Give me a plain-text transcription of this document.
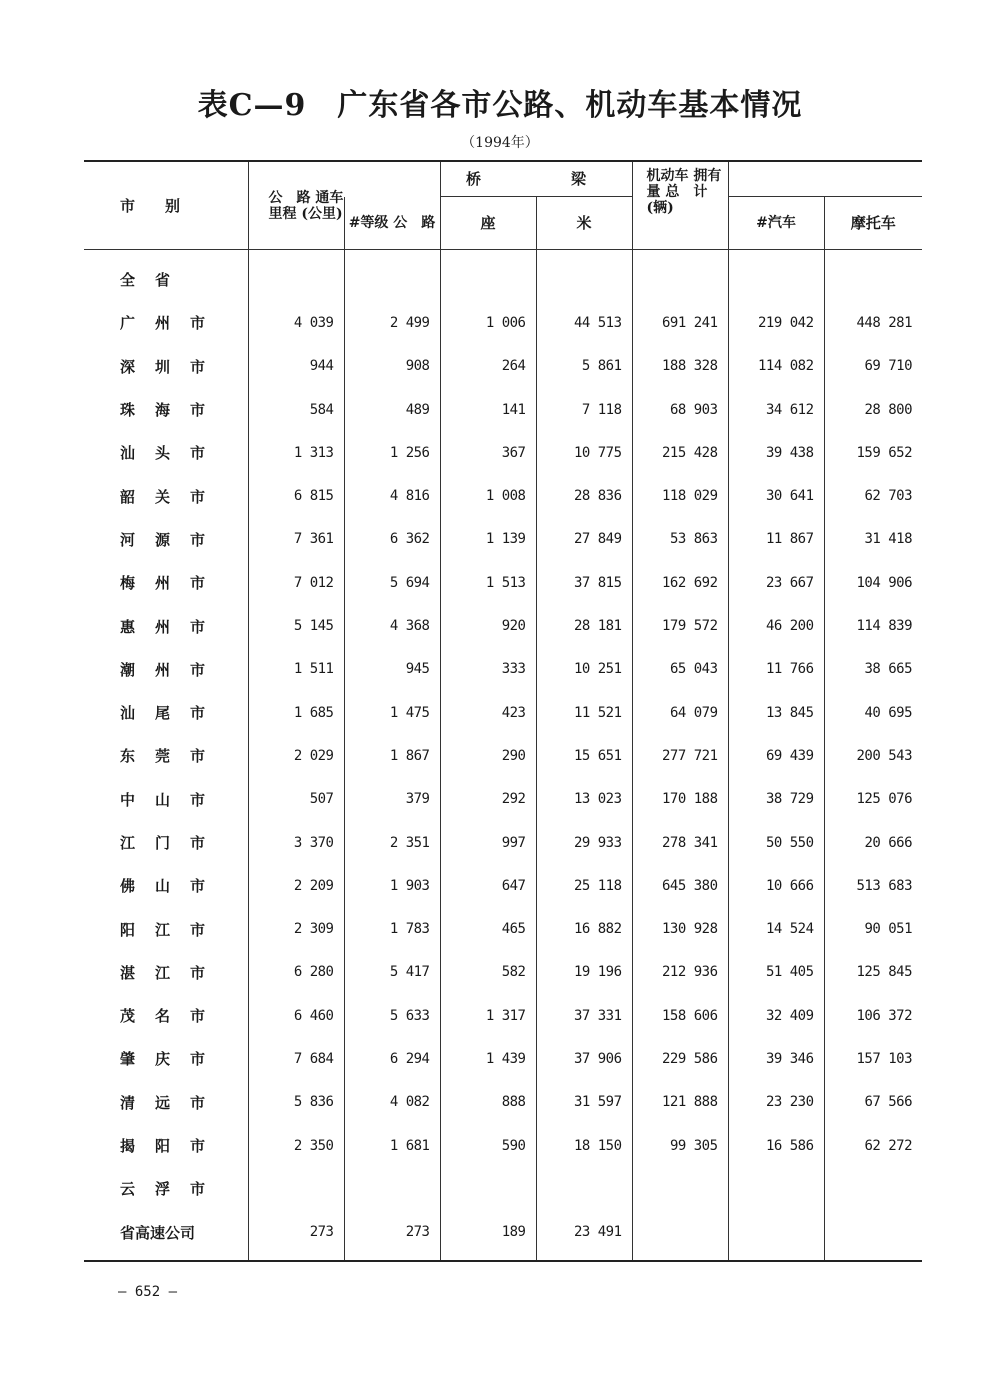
表C—9　广东省各市公路、机动车基本情况
（1994年）
市　　别	公　路 通车里程 (公里)		桥　　梁		机动车 拥有量 总　计 (辆)		
		#等级 公　路	座	米		#汽车	摩托车
全省							
广州市	4 039	2 499	1 006	44 513	691 241	219 042	448 281
深圳市	944	908	264	5 861	188 328	114 082	69 710
珠海市	584	489	141	7 118	68 903	34 612	28 800
汕头市	1 313	1 256	367	10 775	215 428	39 438	159 652
韶关市	6 815	4 816	1 008	28 836	118 029	30 641	62 703
河源市	7 361	6 362	1 139	27 849	53 863	11 867	31 418
梅州市	7 012	5 694	1 513	37 815	162 692	23 667	104 906
惠州市	5 145	4 368	920	28 181	179 572	46 200	114 839
潮州市	1 511	945	333	10 251	65 043	11 766	38 665
汕尾市	1 685	1 475	423	11 521	64 079	13 845	40 695
东莞市	2 029	1 867	290	15 651	277 721	69 439	200 543
中山市	507	379	292	13 023	170 188	38 729	125 076
江门市	3 370	2 351	997	29 933	278 341	50 550	20 666
佛山市	2 209	1 903	647	25 118	645 380	10 666	513 683
阳江市	2 309	1 783	465	16 882	130 928	14 524	90 051
湛江市	6 280	5 417	582	19 196	212 936	51 405	125 845
茂名市	6 460	5 633	1 317	37 331	158 606	32 409	106 372
肇庆市	7 684	6 294	1 439	37 906	229 586	39 346	157 103
清远市	5 836	4 082	888	31 597	121 888	23 230	67 566
揭阳市	2 350	1 681	590	18 150	99 305	16 586	62 272
云浮市							
省高速公司	273	273	189	23 491			
— 652 —
